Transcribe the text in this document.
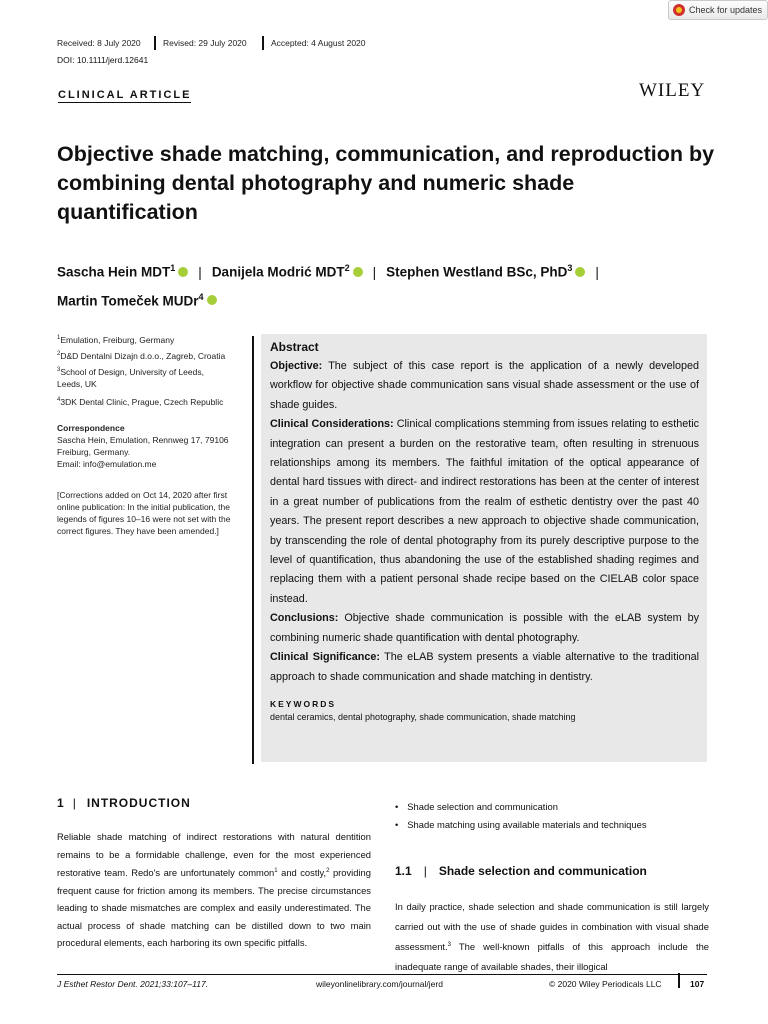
Check for updates
Received: 8 July 2020	Revised: 29 July 2020	Accepted: 4 August 2020
DOI: 10.1111/jerd.12641
CLINICAL ARTICLE	WILEY
Objective shade matching, communication, and reproduction by combining dental photography and numeric shade quantification
Sascha Hein MDT$^1$ | Danijela Modrić MDT$^2$ | Stephen Westland BSc, PhD$^3$ |
Martin Tomeček MUDr$^4$
$^1$Emulation, Freiburg, Germany
$^2$D&D Dentalni Dizajn d.o.o., Zagreb, Croatia
$^3$School of Design, University of Leeds, Leeds, UK
$^4$3DK Dental Clinic, Prague, Czech Republic
Correspondence
Sascha Hein, Emulation, Rennweg 17, 79106 Freiburg, Germany.
Email: info@emulation.me
[Corrections added on Oct 14, 2020 after first online publication: In the initial publication, the legends of figures 10–16 were not set with the correct figures. They have been amended.]
Abstract
Objective: The subject of this case report is the application of a newly developed workflow for objective shade communication sans visual shade assessment or the use of shade guides.
Clinical Considerations: Clinical complications stemming from issues relating to esthetic integration can present a burden on the restorative team, often resulting in strenuous relationships among its members. The faithful imitation of the optical appearance of dental hard tissues with direct- and indirect restorations has been at the center of interest in a great number of publications from the realm of esthetic dentistry over the past 40 years. The present report describes a new approach to objective shade communication, by transcending the role of dental photography from its purely descriptive purpose to the level of quantification, thus abandoning the use of the established shading regimes and replacing them with a patient personal shade recipe based on the CIELAB color space instead.
Conclusions: Objective shade communication is possible with the eLAB system by combining numeric shade quantification with dental photography.
Clinical Significance: The eLAB system presents a viable alternative to the traditional approach to shade communication and shade matching in dentistry.
KEYWORDS
dental ceramics, dental photography, shade communication, shade matching
1 | INTRODUCTION
Reliable shade matching of indirect restorations with natural dentition remains to be a formidable challenge, even for the most experienced restorative team. Redo's are unfortunately common$^1$ and costly,$^2$ providing frequent cause for friction among its members. The precise circumstances leading to shade mismatches are complex and easily underestimated. The actual process of shade matching can be distilled down to two main procedural elements, each harboring its own specific pitfalls.
• Shade selection and communication
• Shade matching using available materials and techniques
1.1 | Shade selection and communication
In daily practice, shade selection and shade communication is still largely carried out with the use of shade guides in combination with visual shade assessment.$^3$ The well-known pitfalls of this approach include the inadequate range of available shades, their illogical
J Esthet Restor Dent. 2021;33:107–117.	wileyonlinelibrary.com/journal/jerd	© 2020 Wiley Periodicals LLC	107
